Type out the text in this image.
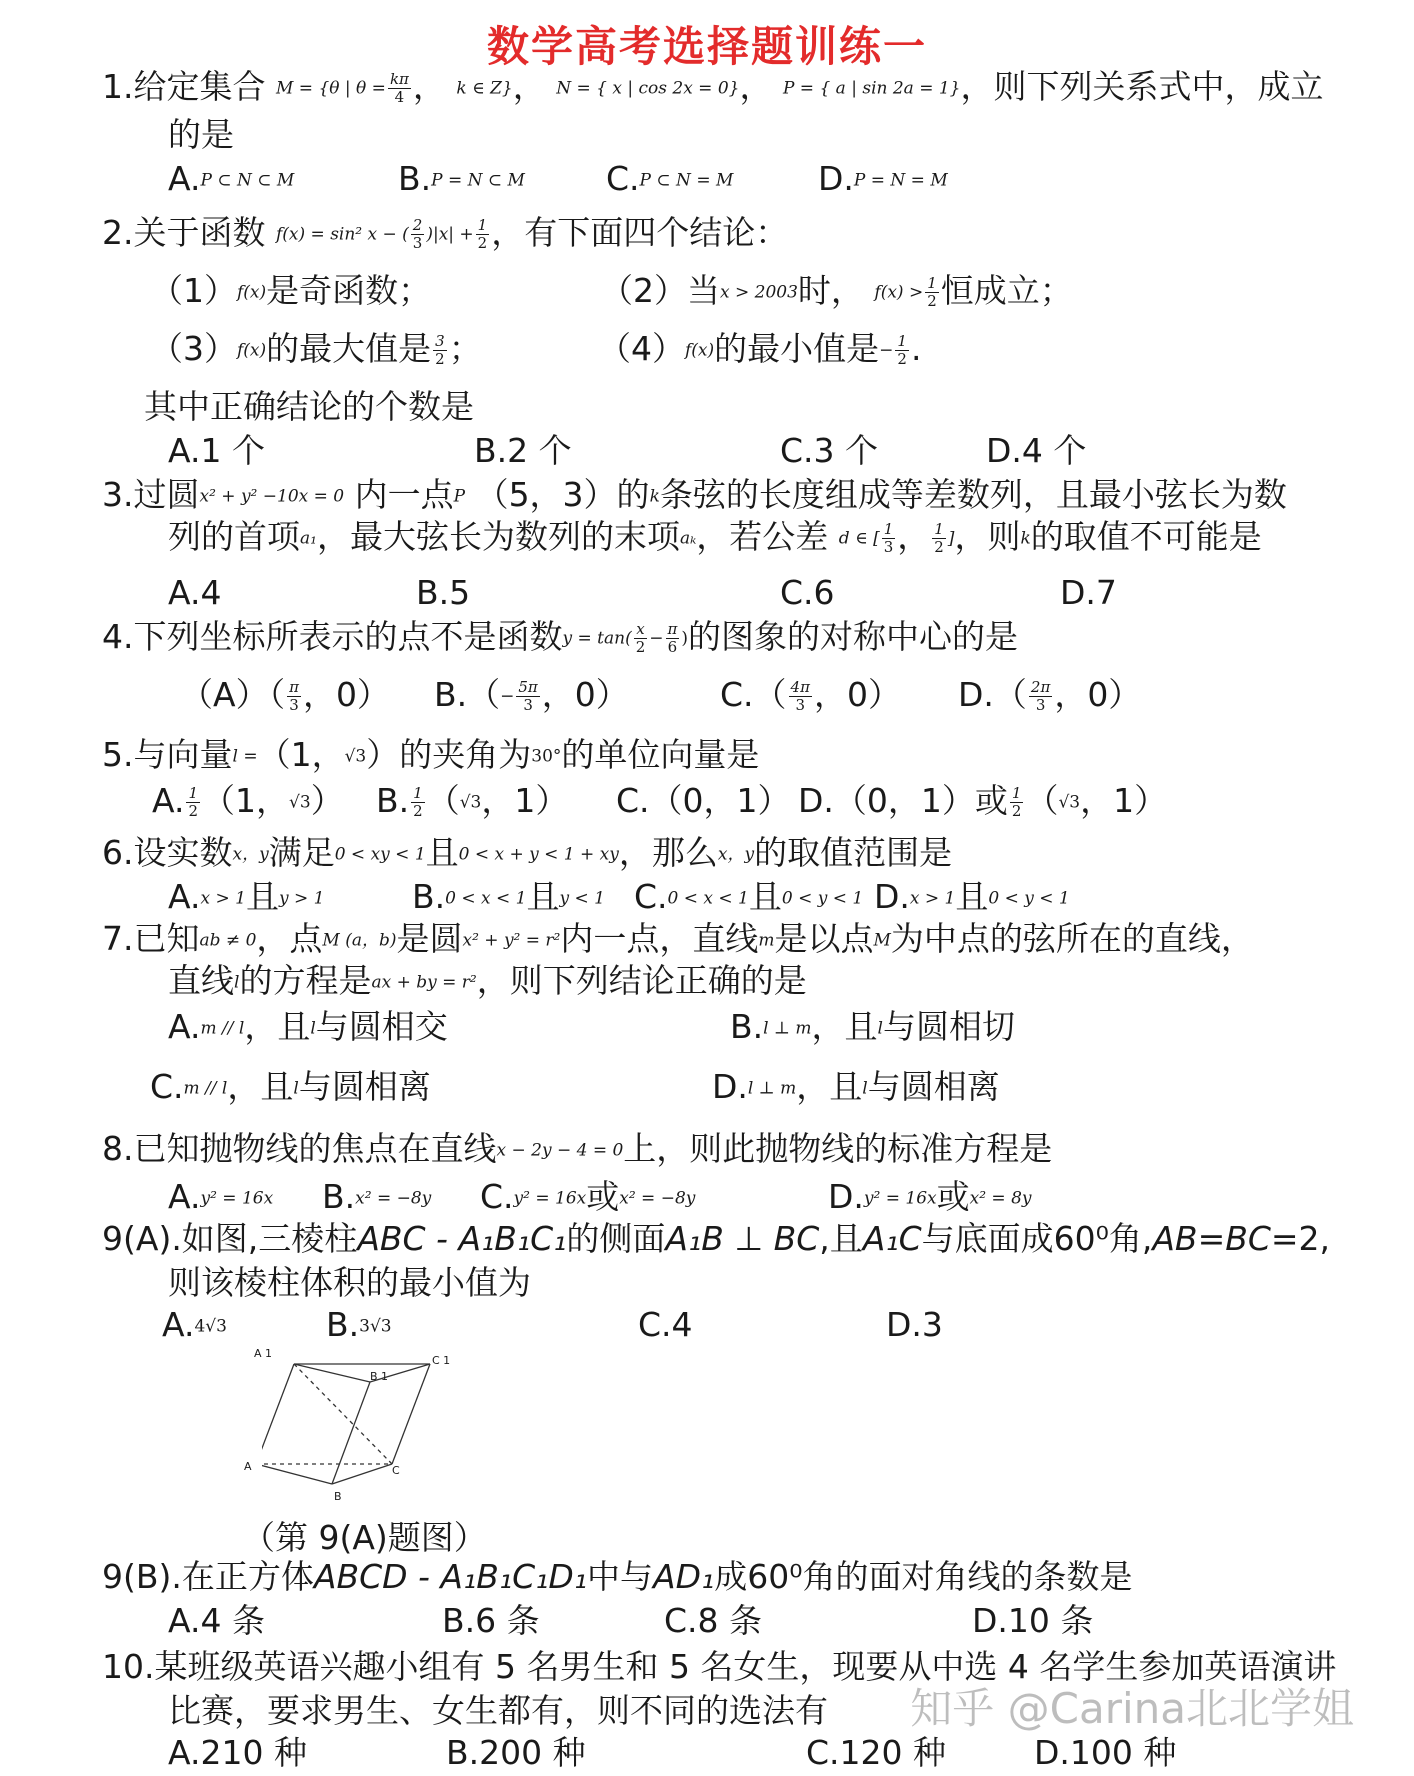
数学高考选择题训练一
1.给定集合 M = {θ | $\theta = \frac{k\pi}{4}$ ， k ∈ Z}， N = { x | cos 2x = 0}， P = { a | sin 2a = 1}，则下列关系式中，成立
的是
A.P ⊂ N ⊂ M	B.P = N ⊂ M C.P ⊂ N = M	D.P = N = M
2.关于函数 f(x) = sin² x − ( $\frac{2}{3} )|x| + \frac{1}{2}$ ，有下面四个结论：
（1）f(x)是奇函数；	（2）当x > 2003时， $f(x) > \frac{1}{2}$ 恒成立；
（3）f(x)的最大值是 $\frac{3}{2}$ ；	（4）f(x)的最小值是− $\frac{1}{2}$ .
其中正确结论的个数是
A.1 个	B.2 个	C.3 个	D.4 个
3.过圆x² + y² −10x = 0 内一点P （5，3）的k条弦的长度组成等差数列，且最小弦长为数
列的首项a₁，最大弦长为数列的末项aₖ，若公差 d ∈ [ $\frac{1}{3}$ ， $\frac{1}{2}$ ]，则k的取值不可能是
A.4	B.5	C.6	D.7
4.下列坐标所表示的点不是函数$y = \tan( \frac{x}{2} - \frac{\pi}{6}$ )的图象的对称中心的是
$(A)( \frac{\pi}{3}$ ，0） $B.(- \frac{5\pi}{3}$ ，0）	$C.( \frac{4\pi}{3}$ ，0） $D.( \frac{2\pi}{3}$ ，0）
5.与向量l =（1，√3）的夹角为30°的单位向量是
A. $\frac{1}{2} (1$，√3） B. $\frac{1}{2} (√3$，1） C.（0，1） D.（0，1）或 $\frac{1}{2} (√3$，1）
6.设实数x，y满足0 < xy < 1且0 < x + y < 1 + xy，那么x，y的取值范围是
A.x > 1且y > 1	B.0 < x < 1且y < 1 C.0 < x < 1且0 < y < 1 D.x > 1且0 < y < 1
7.已知ab ≠ 0，点M (a，b)是圆x² + y² = r²内一点，直线m是以点M为中点的弦所在的直线，
直线l的方程是ax + by = r²，则下列结论正确的是
A.m // l，且l与圆相交	B.l ⊥ m，且l与圆相切
C.m // l，且l与圆相离	D.l ⊥ m，且l与圆相离
8.已知抛物线的焦点在直线x − 2y − 4 = 0上，则此抛物线的标准方程是
A.y² = 16x B.x² = −8y C.y² = 16x或x² = −8y	D.y² = 16x或x² = 8y
9(A).如图,三棱柱ABC - A₁B₁C₁的侧面A₁B ⊥ BC,且A₁C与底面成60⁰角,AB=BC=2,
则该棱柱体积的最小值为
A.4√3	B.3√3	C.4	D.3
A 1
B 1
C 1
A
B
C
（第 9(A)题图）
9(B).在正方体ABCD - A₁B₁C₁D₁中与AD₁成60⁰角的面对角线的条数是
A.4 条	B.6 条	C.8 条	D.10 条
10.某班级英语兴趣小组有 5 名男生和 5 名女生，现要从中选 4 名学生参加英语演讲
比赛，要求男生、女生都有，则不同的选法有
A.210 种	B.200 种	C.120 种	D.100 种
知乎 @Carina北北学姐
